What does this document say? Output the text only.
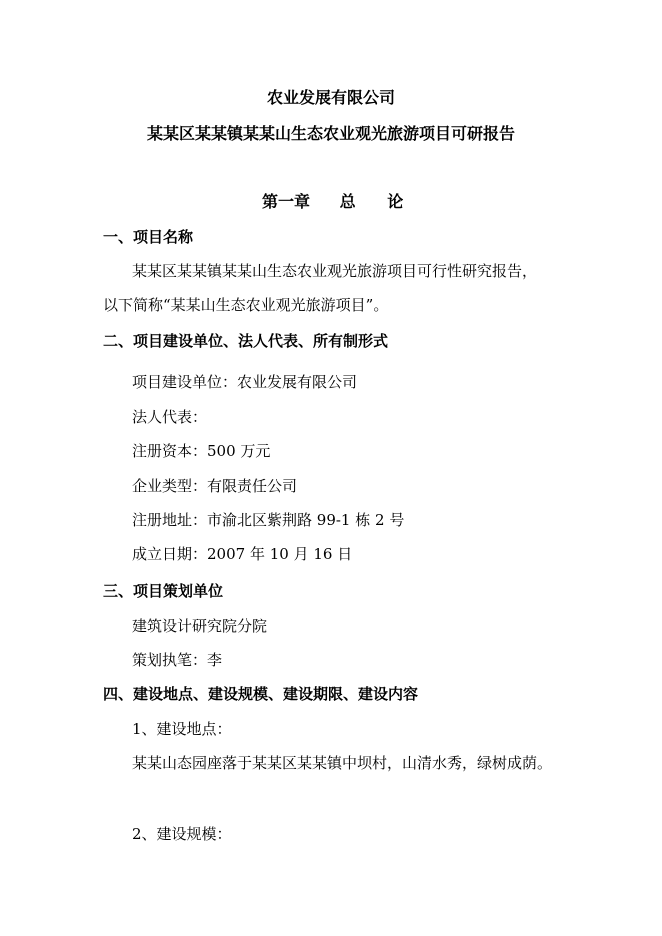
农业发展有限公司
某某区某某镇某某山生态农业观光旅游项目可研报告
第一章 总 论
一、项目名称
某某区某某镇某某山生态农业观光旅游项目可行性研究报告，
以下简称“某某山生态农业观光旅游项目”。
二、项目建设单位、法人代表、所有制形式
项目建设单位：农业发展有限公司
法人代表：
注册资本：500 万元
企业类型：有限责任公司
注册地址：市渝北区紫荆路 99-1 栋 2 号
成立日期：2007 年 10 月 16 日
三、项目策划单位
建筑设计研究院分院
策划执笔：李
四、建设地点、建设规模、建设期限、建设内容
1、建设地点：
某某山态园座落于某某区某某镇中坝村，山清水秀，绿树成荫。
2、建设规模：
